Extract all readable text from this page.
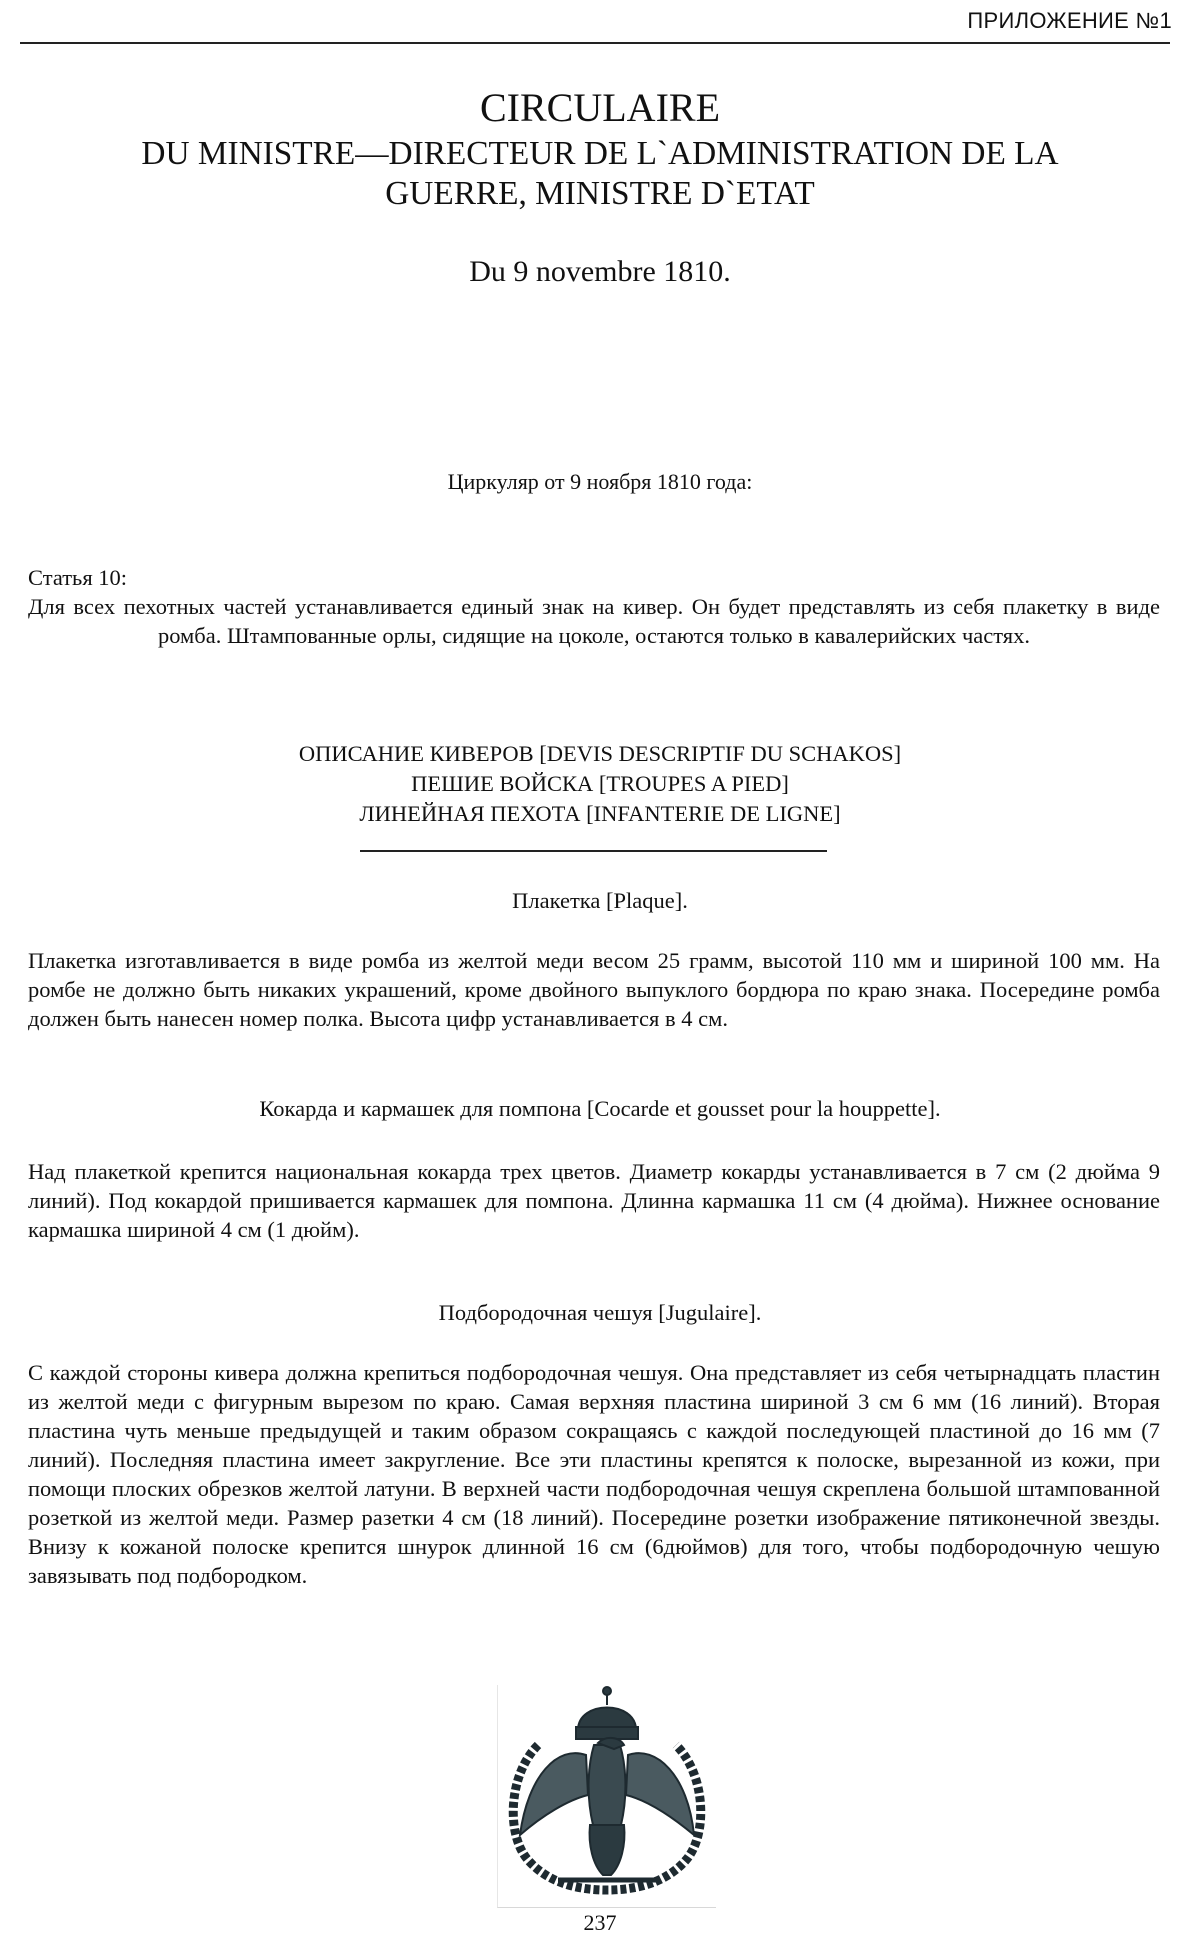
ПРИЛОЖЕНИЕ №1
CIRCULAIRE
DU MINISTRE—DIRECTEUR DE L`ADMINISTRATION DE LA
GUERRE, MINISTRE D`ETAT
Du 9 novembre 1810.
Циркуляр от 9 ноября 1810 года:
Статья 10:
Для всех пехотных частей устанавливается единый знак на кивер. Он будет представлять из себя плакетку в виде ромба. Штампованные орлы, сидящие на цоколе, остаются только в кавалерийских частях.
ОПИСАНИЕ КИВЕРОВ [DEVIS DESCRIPTIF DU SCHAKOS]
ПЕШИЕ ВОЙСКА [TROUPES A PIED]
ЛИНЕЙНАЯ ПЕХОТА [INFANTERIE DE LIGNE]
Плакетка [Plaque].
Плакетка изготавливается в виде ромба из желтой меди весом 25 грамм, высотой 110 мм и шириной 100 мм. На ромбе не должно быть никаких украшений, кроме двойного выпуклого бордюра по краю знака. Посередине ромба должен быть нанесен номер полка. Высота цифр устанавливается в 4 см.
Кокарда и кармашек для помпона [Cocarde et gousset pour la houppette].
Над плакеткой крепится национальная кокарда трех цветов. Диаметр кокарды устанавливается в 7 см (2 дюйма 9 линий). Под кокардой пришивается кармашек для помпона. Длинна кармашка 11 см (4 дюйма). Нижнее основание кармашка шириной 4 см (1 дюйм).
Подбородочная чешуя [Jugulaire].
С каждой стороны кивера должна крепиться подбородочная чешуя. Она представляет из себя четырнадцать пластин из желтой меди с фигурным вырезом по краю. Самая верхняя пластина шириной 3 см 6 мм (16 линий). Вторая пластина чуть меньше предыдущей и таким образом сокращаясь с каждой последующей пластиной до 16 мм (7 линий). Последняя пластина имеет закругление. Все эти пластины крепятся к полоске, вырезанной из кожи, при помощи плоских обрезков желтой латуни. В верхней части подбородочная чешуя скреплена большой штампованной розеткой из желтой меди. Размер разетки 4 см (18 линий). Посередине розетки изображение пятиконечной звезды. Внизу к кожаной полоске крепится шнурок длинной 16 см (6дюймов) для того, чтобы подбородочную чешую завязывать под подбородком.
237
